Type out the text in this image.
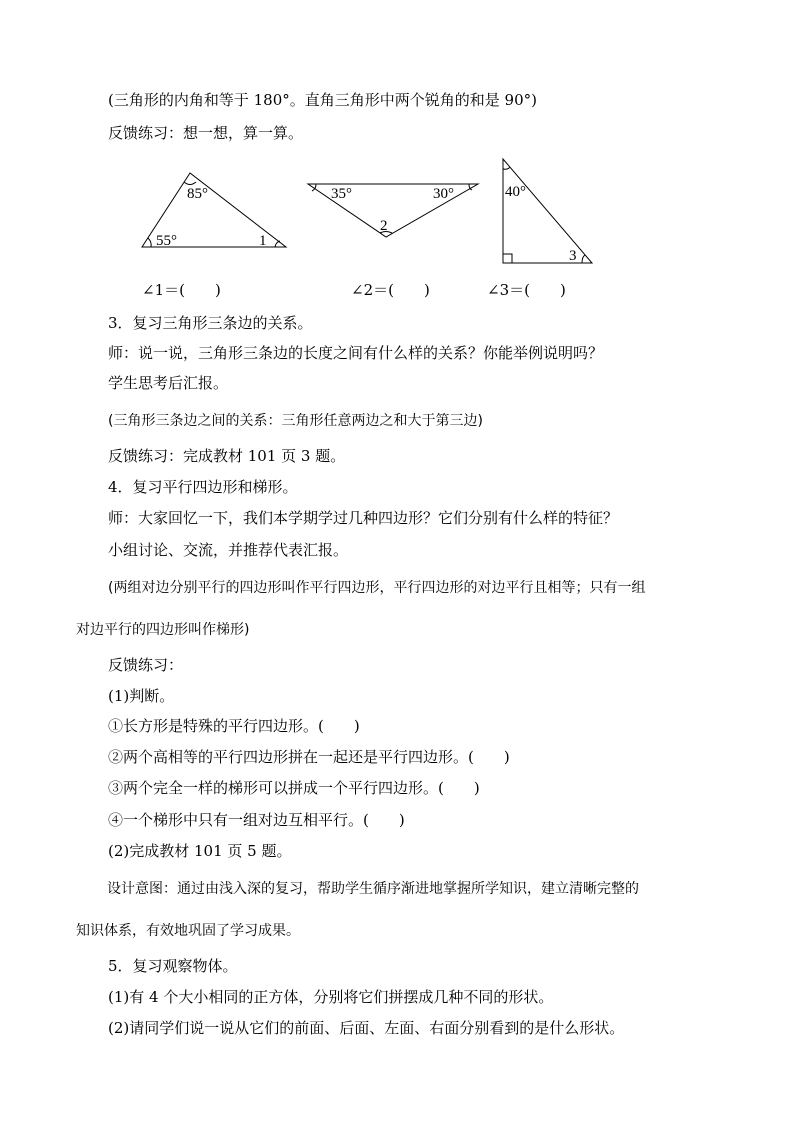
(三角形的内角和等于 180°。直角三角形中两个锐角的和是 90°)

反馈练习：想一想，算一算。

85°
55°	1
35°	30°
2
40°
3
∠1＝(　　)	∠2＝(　　)	∠3＝(　　)

3．复习三角形三条边的关系。

师：说一说，三角形三条边的长度之间有什么样的关系？你能举例说明吗？

学生思考后汇报。

(三角形三条边之间的关系：三角形任意两边之和大于第三边)

反馈练习：完成教材 101 页 3 题。

4．复习平行四边形和梯形。

师：大家回忆一下，我们本学期学过几种四边形？它们分别有什么样的特征？

小组讨论、交流，并推荐代表汇报。

(两组对边分别平行的四边形叫作平行四边形，平行四边形的对边平行且相等；只有一组

对边平行的四边形叫作梯形)

反馈练习：

(1)判断。

①长方形是特殊的平行四边形。(　　)

②两个高相等的平行四边形拼在一起还是平行四边形。(　　)

③两个完全一样的梯形可以拼成一个平行四边形。(　　)

④一个梯形中只有一组对边互相平行。(　　)

(2)完成教材 101 页 5 题。

设计意图：通过由浅入深的复习，帮助学生循序渐进地掌握所学知识，建立清晰完整的

知识体系，有效地巩固了学习成果。

5．复习观察物体。

(1)有 4 个大小相同的正方体，分别将它们拼摆成几种不同的形状。

(2)请同学们说一说从它们的前面、后面、左面、右面分别看到的是什么形状。
